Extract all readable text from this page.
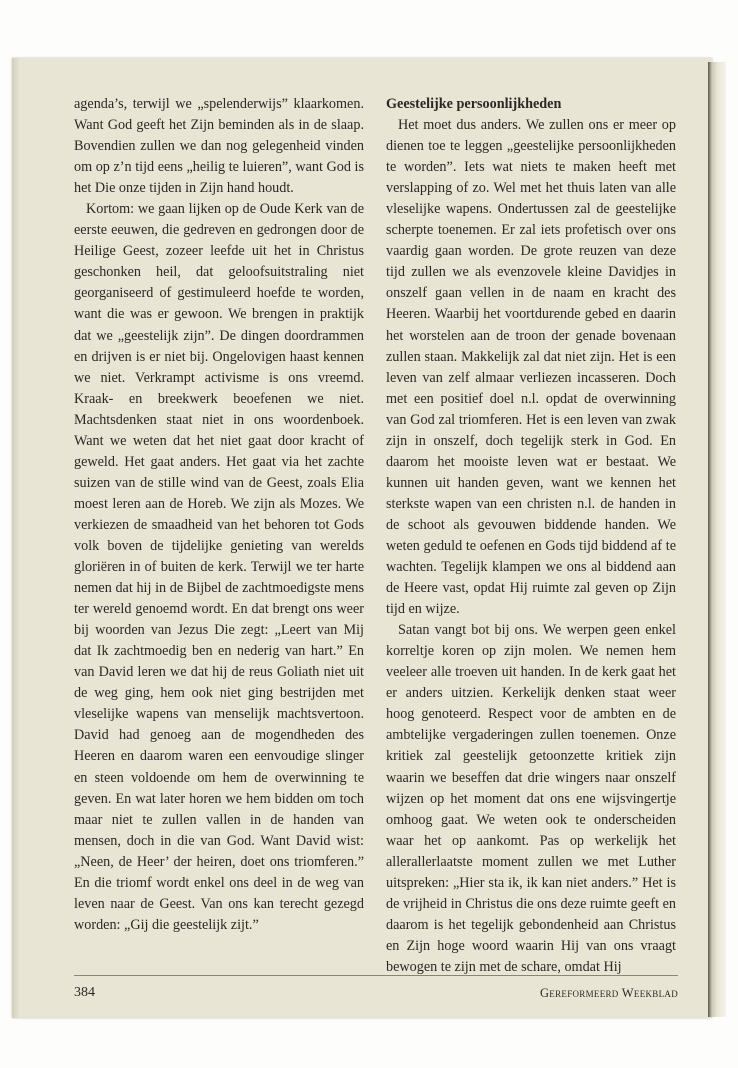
agenda’s, terwijl we „spelenderwijs” klaarkomen. Want God geeft het Zijn beminden als in de slaap. Bovendien zullen we dan nog gelegenheid vinden om op z’n tijd eens „heilig te luieren”, want God is het Die onze tijden in Zijn hand houdt.

Kortom: we gaan lijken op de Oude Kerk van de eerste eeuwen, die gedreven en gedrongen door de Heilige Geest, zozeer leefde uit het in Christus geschonken heil, dat geloofsuitstraling niet georganiseerd of gestimuleerd hoefde te worden, want die was er gewoon. We brengen in praktijk dat we „geestelijk zijn”. De dingen doordrammen en drijven is er niet bij. Ongelovigen haast kennen we niet. Verkrampt activisme is ons vreemd. Kraak- en breekwerk beoefenen we niet. Machtsdenken staat niet in ons woordenboek. Want we weten dat het niet gaat door kracht of geweld. Het gaat anders. Het gaat via het zachte suizen van de stille wind van de Geest, zoals Elia moest leren aan de Horeb. We zijn als Mozes. We verkiezen de smaadheid van het behoren tot Gods volk boven de tijdelijke genieting van werelds gloriëren in of buiten de kerk. Terwijl we ter harte nemen dat hij in de Bijbel de zachtmoedigste mens ter wereld genoemd wordt. En dat brengt ons weer bij woorden van Jezus Die zegt: „Leert van Mij dat Ik zachtmoedig ben en nederig van hart.” En van David leren we dat hij de reus Goliath niet uit de weg ging, hem ook niet ging bestrijden met vleselijke wapens van menselijk machtsvertoon. David had genoeg aan de mogendheden des Heeren en daarom waren een eenvoudige slinger en steen voldoende om hem de overwinning te geven. En wat later horen we hem bidden om toch maar niet te zullen vallen in de handen van mensen, doch in die van God. Want David wist: „Neen, de Heer’ der heiren, doet ons triomferen.” En die triomf wordt enkel ons deel in de weg van leven naar de Geest. Van ons kan terecht gezegd worden: „Gij die geestelijk zijt.”

Geestelijke persoonlijkheden

Het moet dus anders. We zullen ons er meer op dienen toe te leggen „geestelijke persoonlijkheden te worden”. Iets wat niets te maken heeft met verslapping of zo. Wel met het thuis laten van alle vleselijke wapens. Ondertussen zal de geestelijke scherpte toenemen. Er zal iets profetisch over ons vaardig gaan worden. De grote reuzen van deze tijd zullen we als evenzovele kleine Davidjes in onszelf gaan vellen in de naam en kracht des Heeren. Waarbij het voortdurende gebed en daarin het worstelen aan de troon der genade bovenaan zullen staan. Makkelijk zal dat niet zijn. Het is een leven van zelf almaar verliezen incasseren. Doch met een positief doel n.l. opdat de overwinning van God zal triomferen. Het is een leven van zwak zijn in onszelf, doch tegelijk sterk in God. En daarom het mooiste leven wat er bestaat. We kunnen uit handen geven, want we kennen het sterkste wapen van een christen n.l. de handen in de schoot als gevouwen biddende handen. We weten geduld te oefenen en Gods tijd biddend af te wachten. Tegelijk klampen we ons al biddend aan de Heere vast, opdat Hij ruimte zal geven op Zijn tijd en wijze.

Satan vangt bot bij ons. We werpen geen enkel korreltje koren op zijn molen. We nemen hem veeleer alle troeven uit handen. In de kerk gaat het er anders uitzien. Kerkelijk denken staat weer hoog genoteerd. Respect voor de ambten en de ambtelijke vergaderingen zullen toenemen. Onze kritiek zal geestelijk getoonzette kritiek zijn waarin we beseffen dat drie wingers naar onszelf wijzen op het moment dat ons ene wijsvingertje omhoog gaat. We weten ook te onderscheiden waar het op aankomt. Pas op werkelijk het allerallerlaatste moment zullen we met Luther uitspreken: „Hier sta ik, ik kan niet anders.” Het is de vrijheid in Christus die ons deze ruimte geeft en daarom is het tegelijk gebondenheid aan Christus en Zijn hoge woord waarin Hij van ons vraagt bewogen te zijn met de schare, omdat Hij

384	Gereformeerd Weekblad
